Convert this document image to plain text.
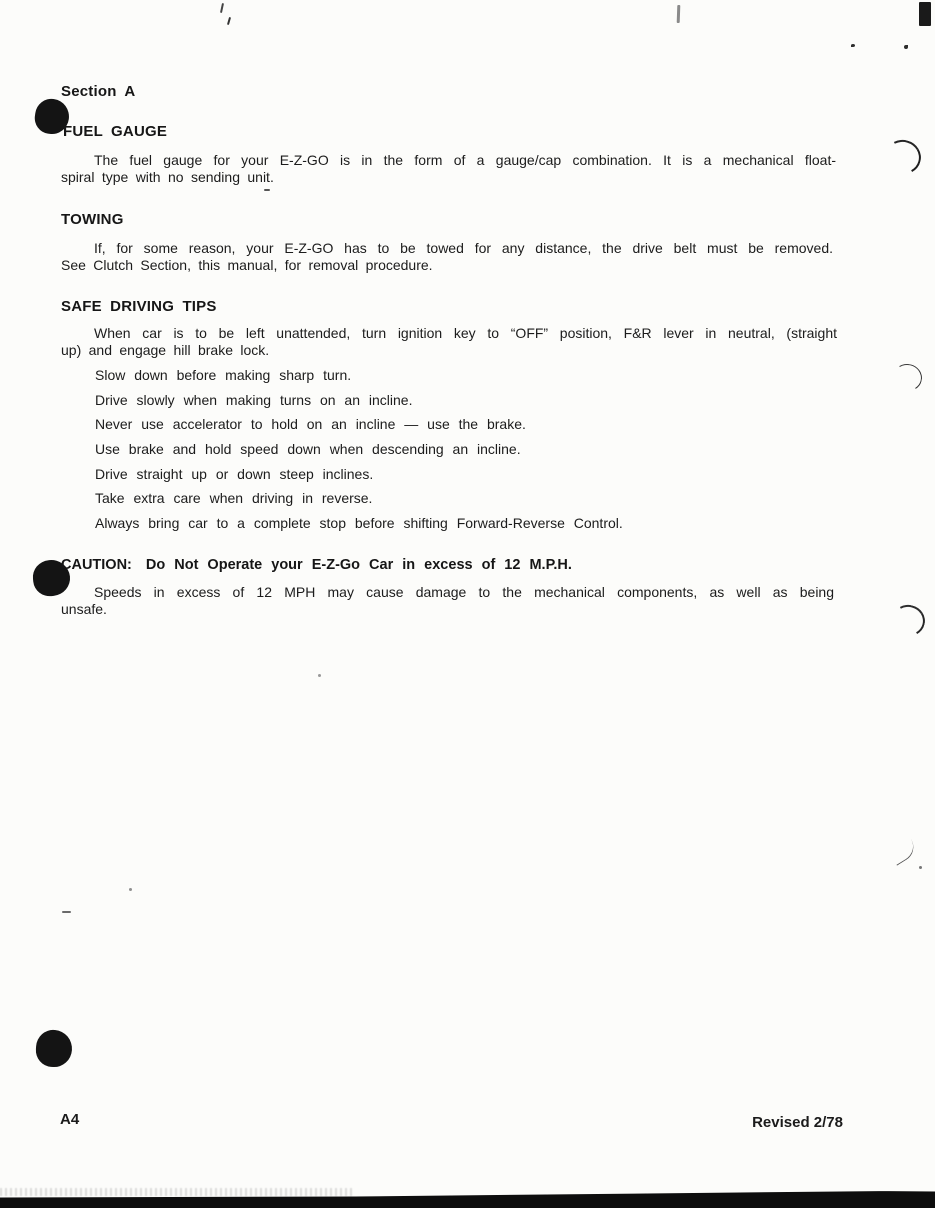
Section A
FUEL GAUGE
The fuel gauge for your E-Z-GO is in the form of a gauge/cap combination. It is a mechanical float-
spiral type with no sending unit.
TOWING
If, for some reason, your E-Z-GO has to be towed for any distance, the drive belt must be removed.
See Clutch Section, this manual, for removal procedure.
SAFE DRIVING TIPS
When car is to be left unattended, turn ignition key to “OFF” position, F&R lever in neutral, (straight
up) and engage hill brake lock.
Slow down before making sharp turn.
Drive slowly when making turns on an incline.
Never use accelerator to hold on an incline — use the brake.
Use brake and hold speed down when descending an incline.
Drive straight up or down steep inclines.
Take extra care when driving in reverse.
Always bring car to a complete stop before shifting Forward-Reverse Control.
CAUTION: Do Not Operate your E-Z-Go Car in excess of 12 M.P.H.
Speeds in excess of 12 MPH may cause damage to the mechanical components, as well as being
unsafe.
A4	Revised 2/78
